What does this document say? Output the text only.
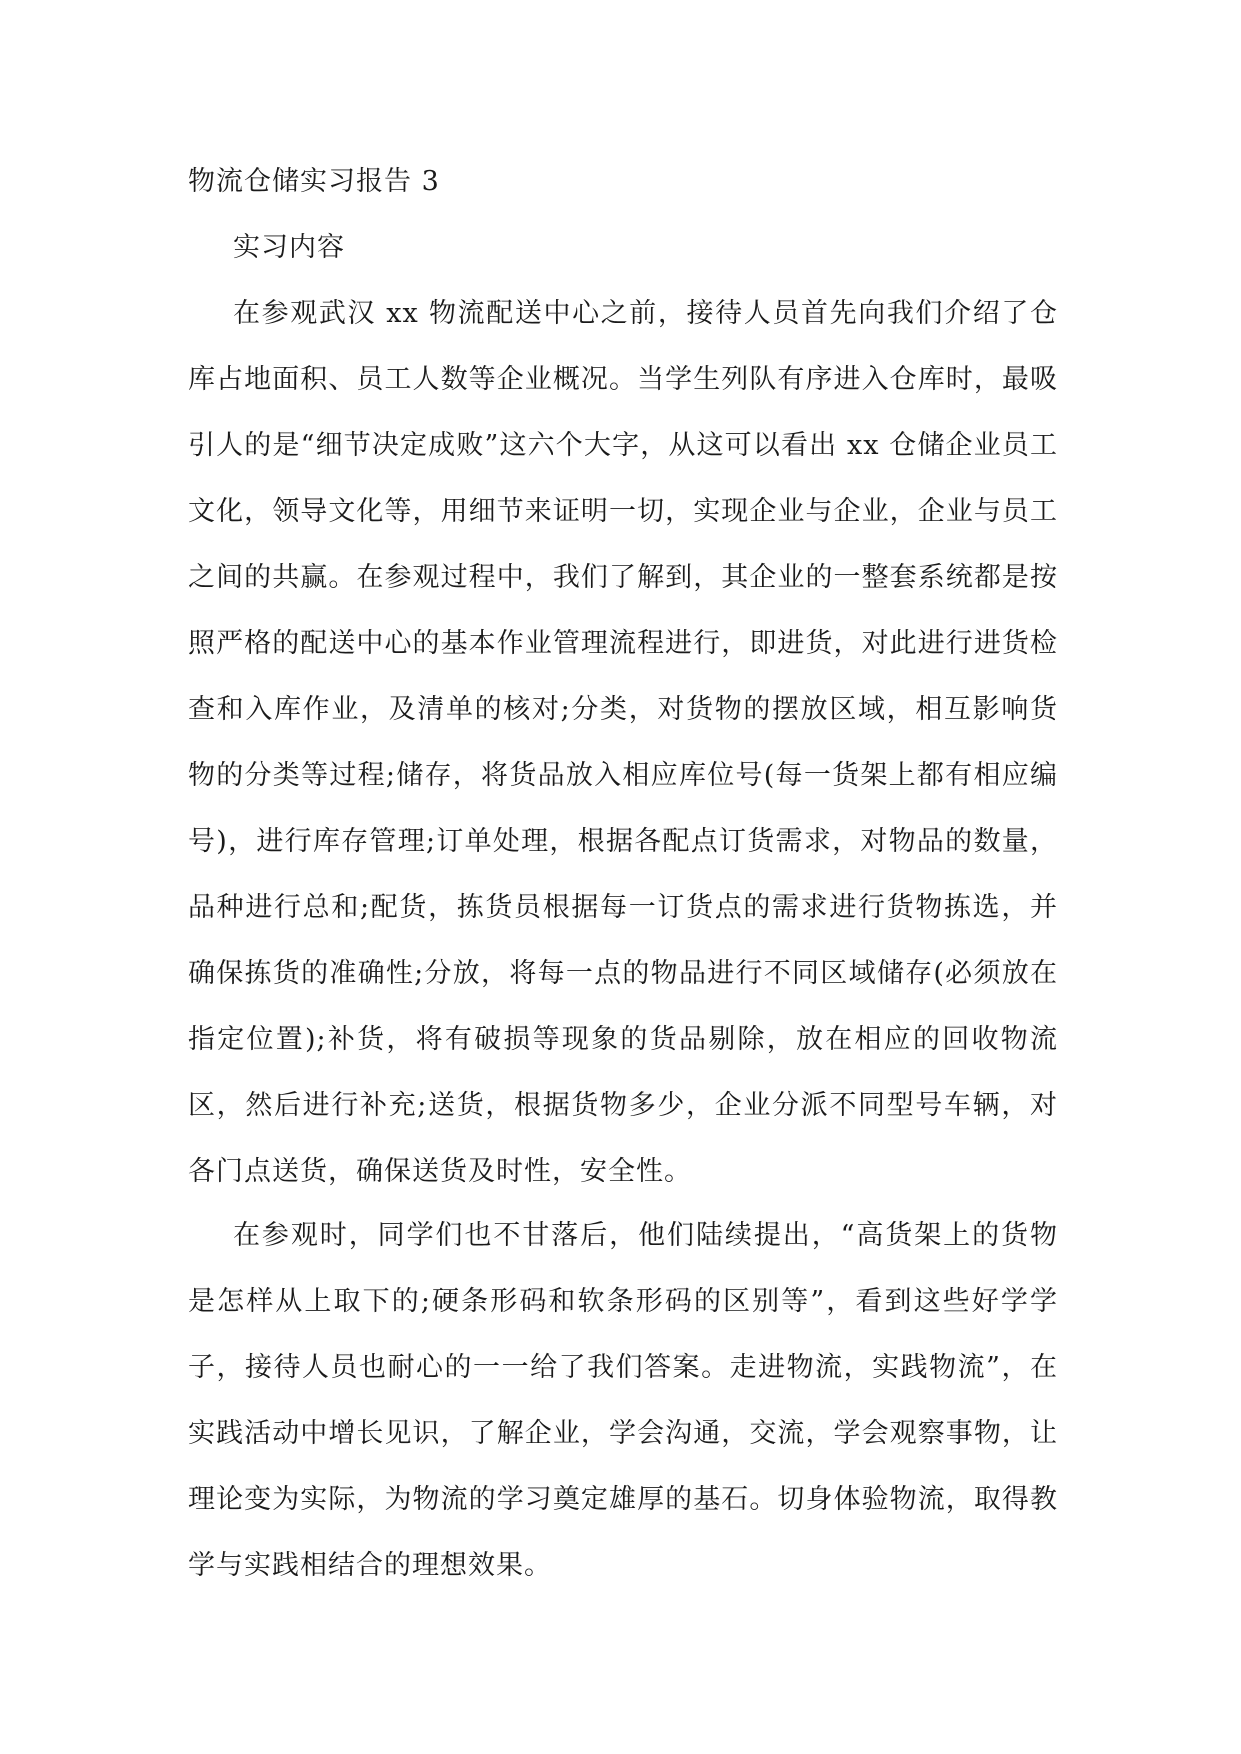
物流仓储实习报告 3
实习内容

在参观武汉 xx 物流配送中心之前，接待人员首先向我们介绍了仓库占地面积、员工人数等企业概况。当学生列队有序进入仓库时，最吸引人的是“细节决定成败”这六个大字，从这可以看出 xx 仓储企业员工文化，领导文化等，用细节来证明一切，实现企业与企业，企业与员工之间的共赢。在参观过程中，我们了解到，其企业的一整套系统都是按照严格的配送中心的基本作业管理流程进行，即进货，对此进行进货检查和入库作业，及清单的核对;分类，对货物的摆放区域，相互影响货物的分类等过程;储存，将货品放入相应库位号(每一货架上都有相应编号)，进行库存管理;订单处理，根据各配点订货需求，对物品的数量，品种进行总和;配货，拣货员根据每一订货点的需求进行货物拣选，并确保拣货的准确性;分放，将每一点的物品进行不同区域储存(必须放在指定位置);补货，将有破损等现象的货品剔除，放在相应的回收物流区，然后进行补充;送货，根据货物多少，企业分派不同型号车辆，对各门点送货，确保送货及时性，安全性。

在参观时，同学们也不甘落后，他们陆续提出，“高货架上的货物是怎样从上取下的;硬条形码和软条形码的区别等”，看到这些好学学子，接待人员也耐心的一一给了我们答案。走进物流，实践物流”，在实践活动中增长见识，了解企业，学会沟通，交流，学会观察事物，让理论变为实际，为物流的学习奠定雄厚的基石。切身体验物流，取得教学与实践相结合的理想效果。
